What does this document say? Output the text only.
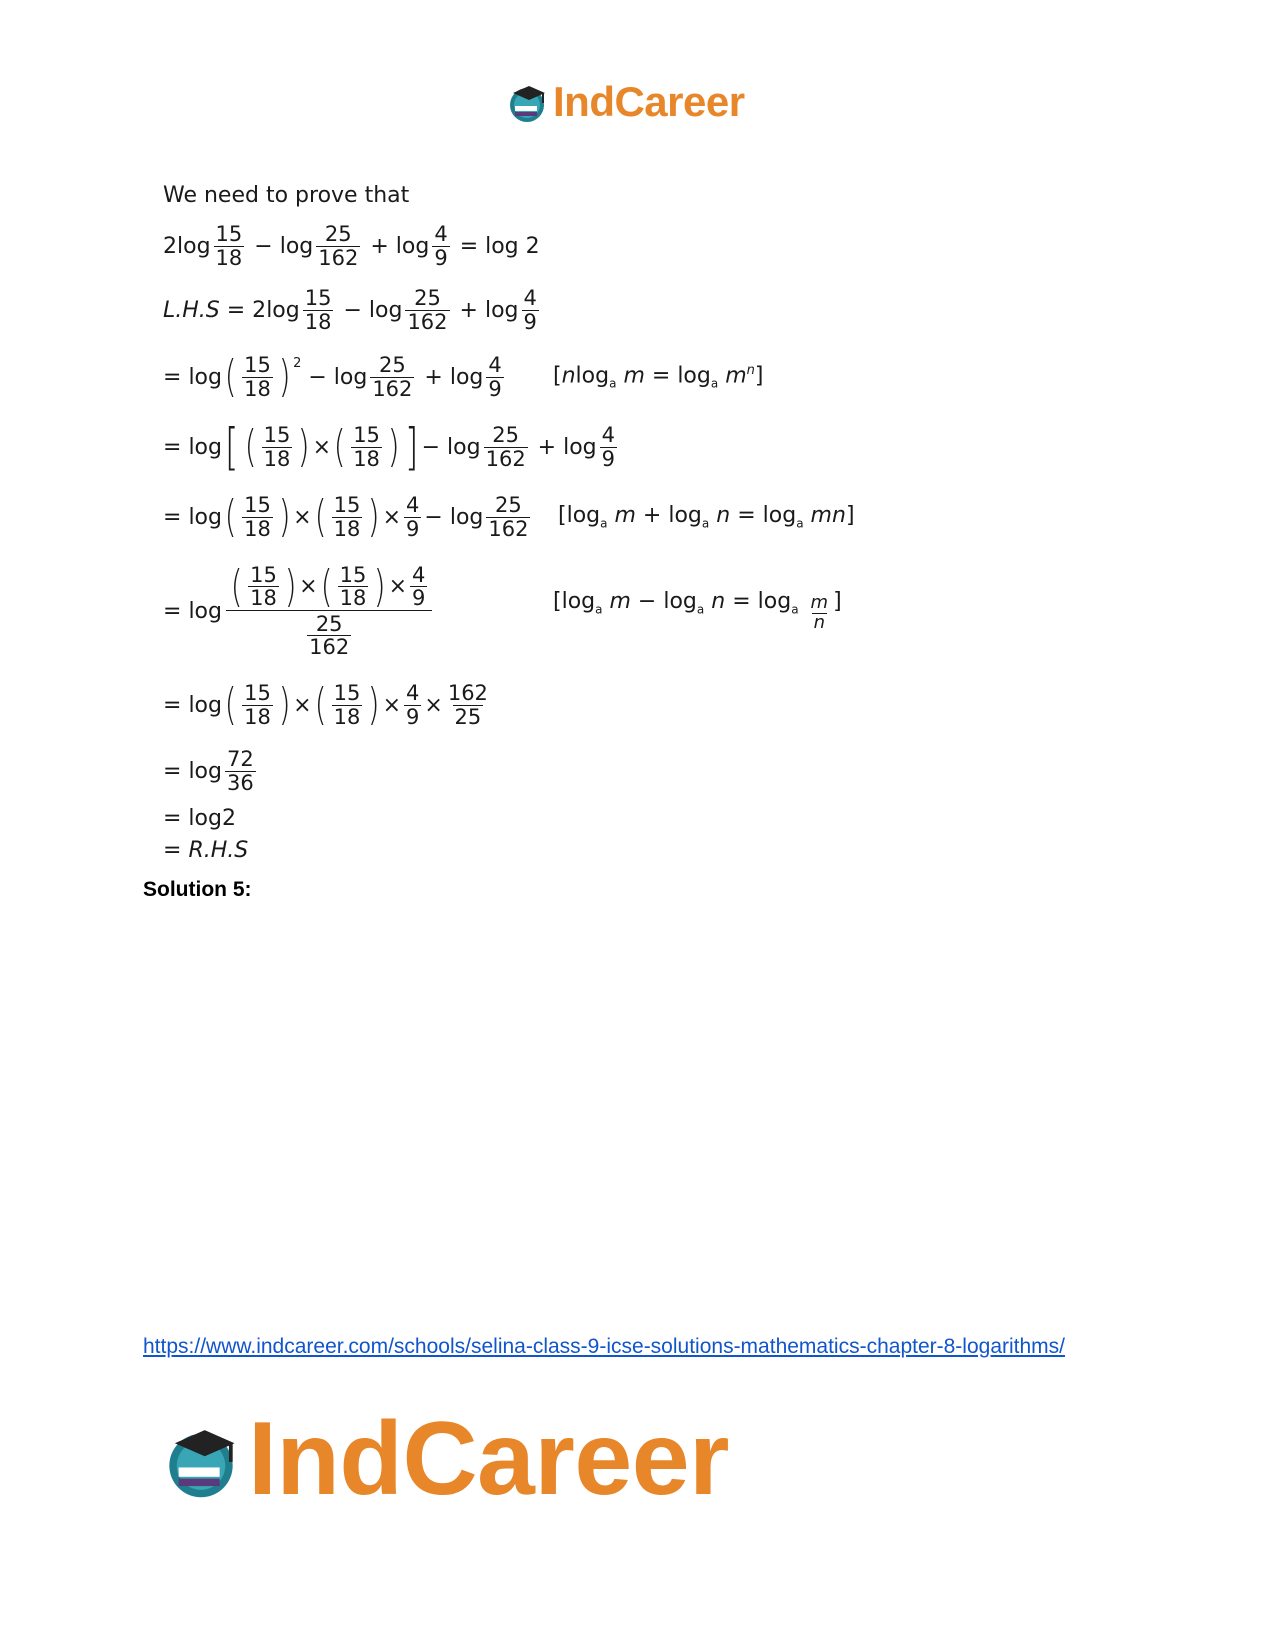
IndCareer
We need to prove that
2 $\log \frac{15}{18} - \log \frac{25}{162} + \log \frac{4}{9}$
= log 2
L.H.S = 2 $\log \frac{15}{18} - \log \frac{25}{162} + \log \frac{4}{9}$
= log ( $\frac{15}{18} )^2$
− $\log \frac{25}{162} + \log \frac{4}{9} [nlog_a$ $m = \log_a m^n$]
= log [ ( $\frac{15}{18}$ ) × ( $\frac{15}{18}$ ) ] − $\log \frac{25}{162} + \log \frac{4}{9}$
= log ( $\frac{15}{18}$ ) × ( $\frac{15}{18}$ ) × $\frac{4}{9} - \log \frac{25}{162} [\log_a$ $m + \log_a n = \log_a mn$]
= log ( $\frac{15}{18}$ ) × ( $\frac{15}{18}$ ) × $\frac{4}{9}$
$\frac{25}{162}$
[$\log_a$ $m - \log_a n = \log_a \frac{m}{n}$ ]
= log ( $\frac{15}{18}$ ) × ( $\frac{15}{18}$ ) × $\frac{4}{9} \times \frac{162}{25}$
= $\log \frac{72}{36}$
= log2
= R.H.S
Solution 5:
https://www.indcareer.com/schools/selina-class-9-icse-solutions-mathematics-chapter-8-logarithms/
IndCareer
